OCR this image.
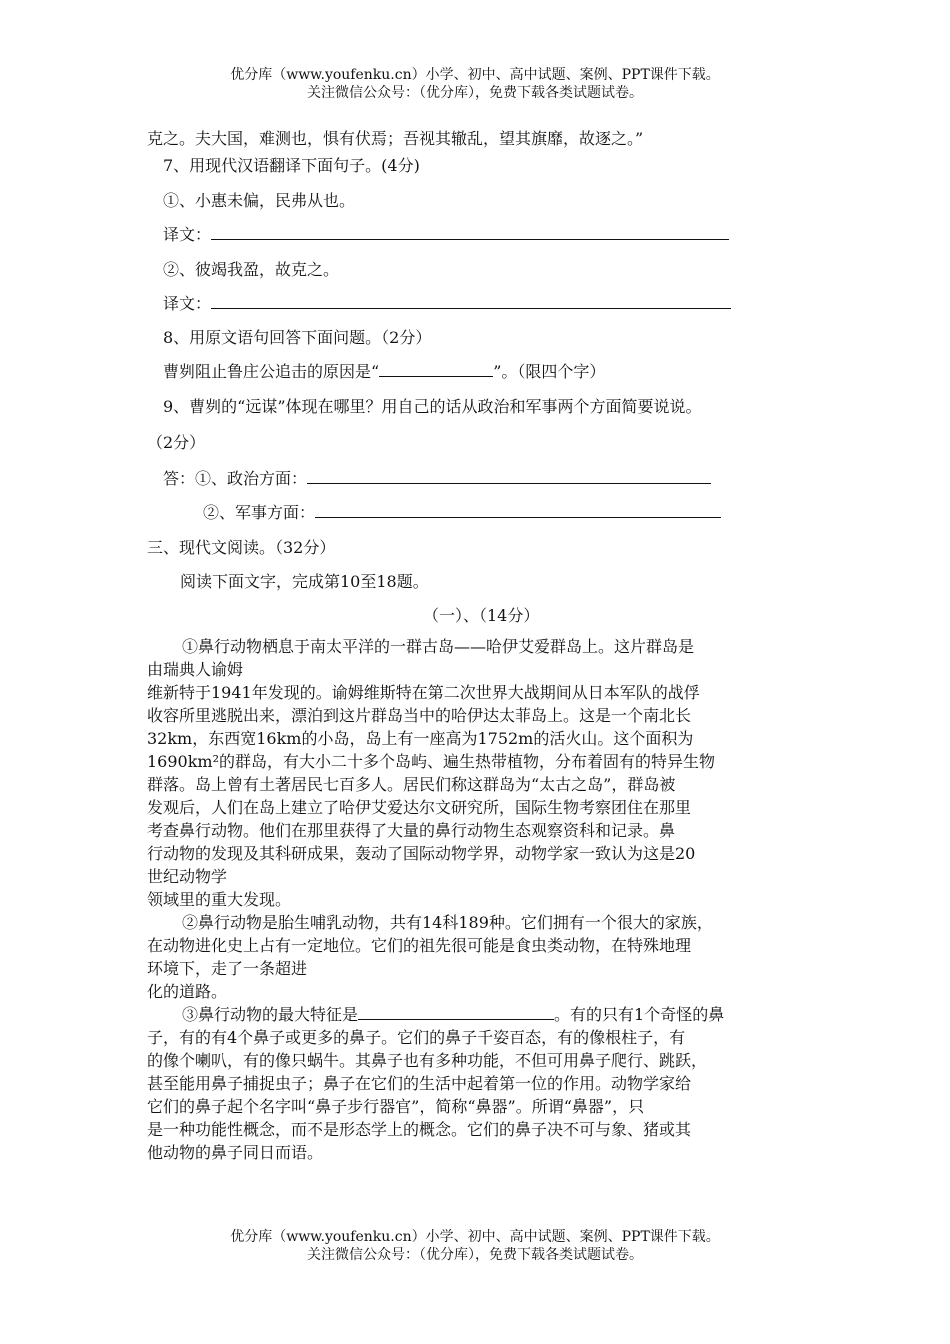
优分库（www.youfenku.cn）小学、初中、高中试题、案例、PPT课件下载。
关注微信公众号：（优分库），免费下载各类试题试卷。
克之。夫大国，难测也，惧有伏焉；吾视其辙乱，望其旗靡，故逐之。”
7、用现代汉语翻译下面句子。(4分)
①、小惠未偏，民弗从也。
译文：
②、彼竭我盈，故克之。
译文：
8、用原文语句回答下面问题。（2分）
曹刿阻止鲁庄公追击的原因是“	”。（限四个字）
9、曹刿的“远谋”体现在哪里？用自己的话从政治和军事两个方面简要说说。
（2分）
答：①、政治方面：
②、军事方面：
三、现代文阅读。（32分）
阅读下面文字，完成第10至18题。
（一）、（14分）
①鼻行动物栖息于南太平洋的一群古岛——哈伊艾爱群岛上。这片群岛是
由瑞典人谕姆
维新特于1941年发现的。谕姆维斯特在第二次世界大战期间从日本军队的战俘
收容所里逃脱出来，漂泊到这片群岛当中的哈伊达太菲岛上。这是一个南北长
32km，东西宽16km的小岛，岛上有一座高为1752m的活火山。这个面积为
1690km²的群岛，有大小二十多个岛屿、遍生热带植物，分布着固有的特异生物
群落。岛上曾有土著居民七百多人。居民们称这群岛为“太古之岛”，群岛被
发观后，人们在岛上建立了哈伊艾爱达尔文研究所，国际生物考察团住在那里
考查鼻行动物。他们在那里获得了大量的鼻行动物生态观察资科和记录。鼻
行动物的发现及其科研成果，轰动了国际动物学界，动物学家一致认为这是20
世纪动物学
领域里的重大发现。
②鼻行动物是胎生哺乳动物，共有14科189种。它们拥有一个很大的家族，
在动物进化史上占有一定地位。它们的祖先很可能是食虫类动物，在特殊地理
环境下，走了一条超进
化的道路。
③鼻行动物的最大特征是	。有的只有1个奇怪的鼻
子，有的有4个鼻子或更多的鼻子。它们的鼻子千姿百态，有的像根柱子，有
的像个喇叭，有的像只蜗牛。其鼻子也有多种功能，不但可用鼻子爬行、跳跃，
甚至能用鼻子捕捉虫子；鼻子在它们的生活中起着第一位的作用。动物学家给
它们的鼻子起个名字叫“鼻子步行器官”，简称“鼻器”。所谓“鼻器”，只
是一种功能性概念，而不是形态学上的概念。它们的鼻子决不可与象、猪或其
他动物的鼻子同日而语。
优分库（www.youfenku.cn）小学、初中、高中试题、案例、PPT课件下载。
关注微信公众号：（优分库），免费下载各类试题试卷。
